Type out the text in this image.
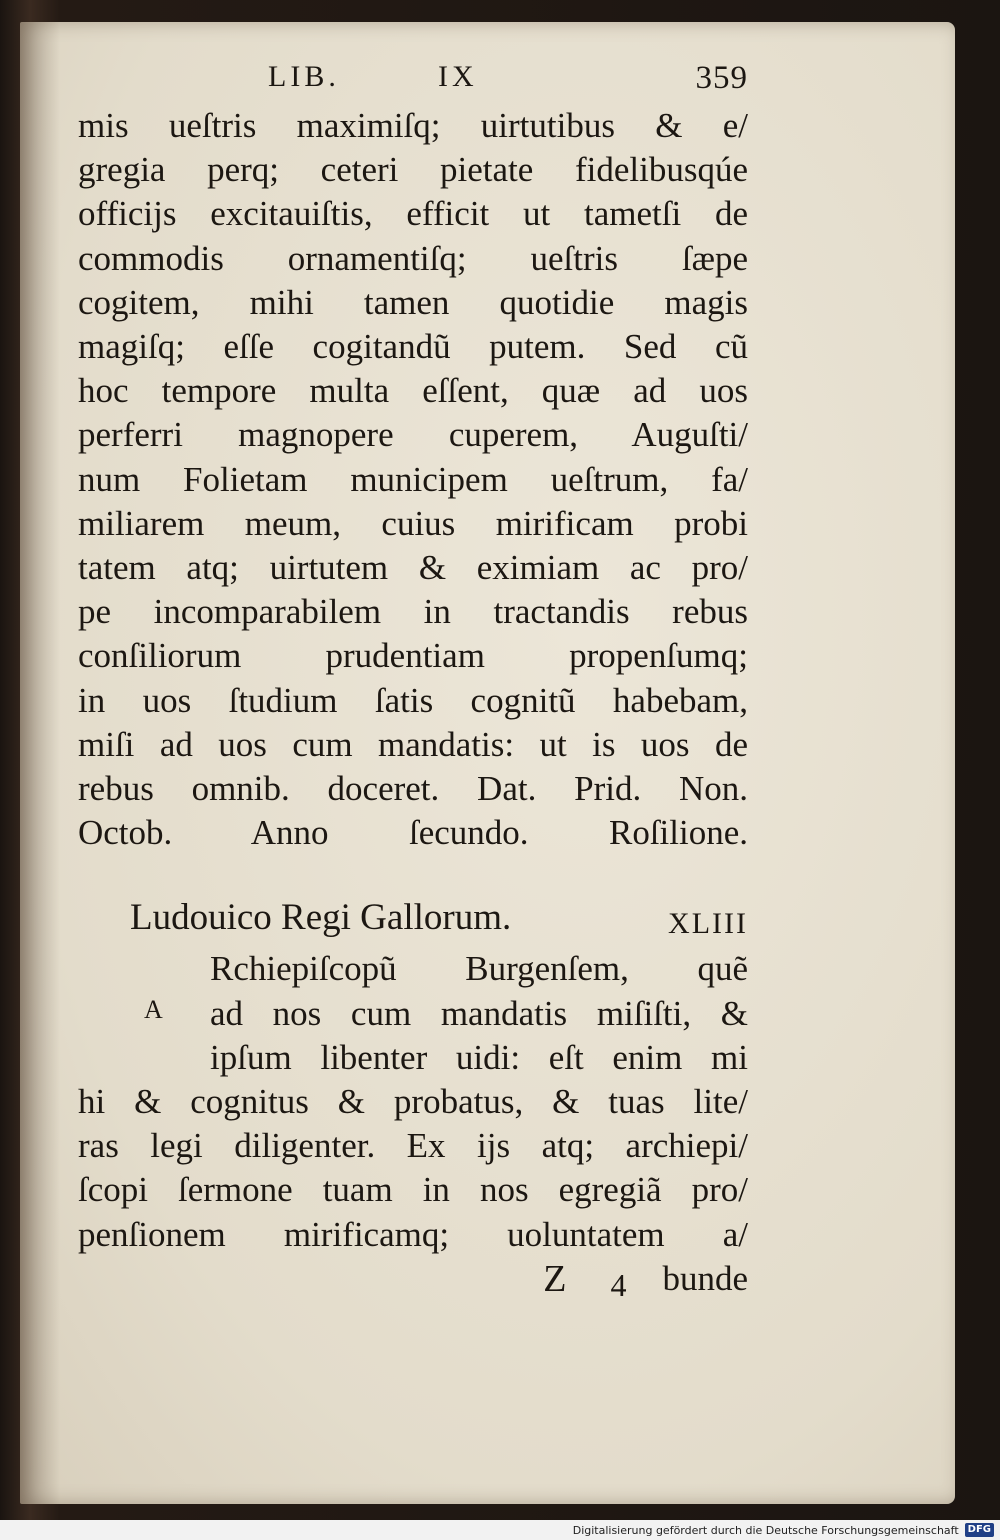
LIB.	IX	359
mis ueſtris maximiſq; uirtutibus & e/
gregia perq; ceteri pietate fidelibusqúe
officijs excitauiſtis, efficit ut tametſi de
commodis ornamentiſq; ueſtris ſæpe
cogitem, mihi tamen quotidie magis
magiſq; eſſe cogitandũ putem. Sed cũ
hoc tempore multa eſſent, quæ ad uos
perferri magnopere cuperem, Auguſti/
num Folietam municipem ueſtrum, fa/
miliarem meum, cuius mirificam probi
tatem atq; uirtutem & eximiam ac pro/
pe incomparabilem in tractandis rebus
conſiliorum prudentiam propenſumq;
in uos ſtudium ſatis cognitũ habebam,
miſi ad uos cum mandatis: ut is uos de
rebus omnib. doceret. Dat. Prid. Non.
Octob. Anno ſecundo. Roſilione.
Ludouico Regi Gallorum.	XLIII
A
Rchiepiſcopũ Burgenſem, quẽ
ad nos cum mandatis miſiſti, &
ipſum libenter uidi: eſt enim mi
hi & cognitus & probatus, & tuas lite/
ras legi diligenter. Ex ijs atq; archiepi/
ſcopi ſermone tuam in nos egregiã pro/
penſionem mirificamq; uoluntatem a/
Z 4 bunde
Digitalisierung gefördert durch die Deutsche Forschungsgemeinschaft DFG
